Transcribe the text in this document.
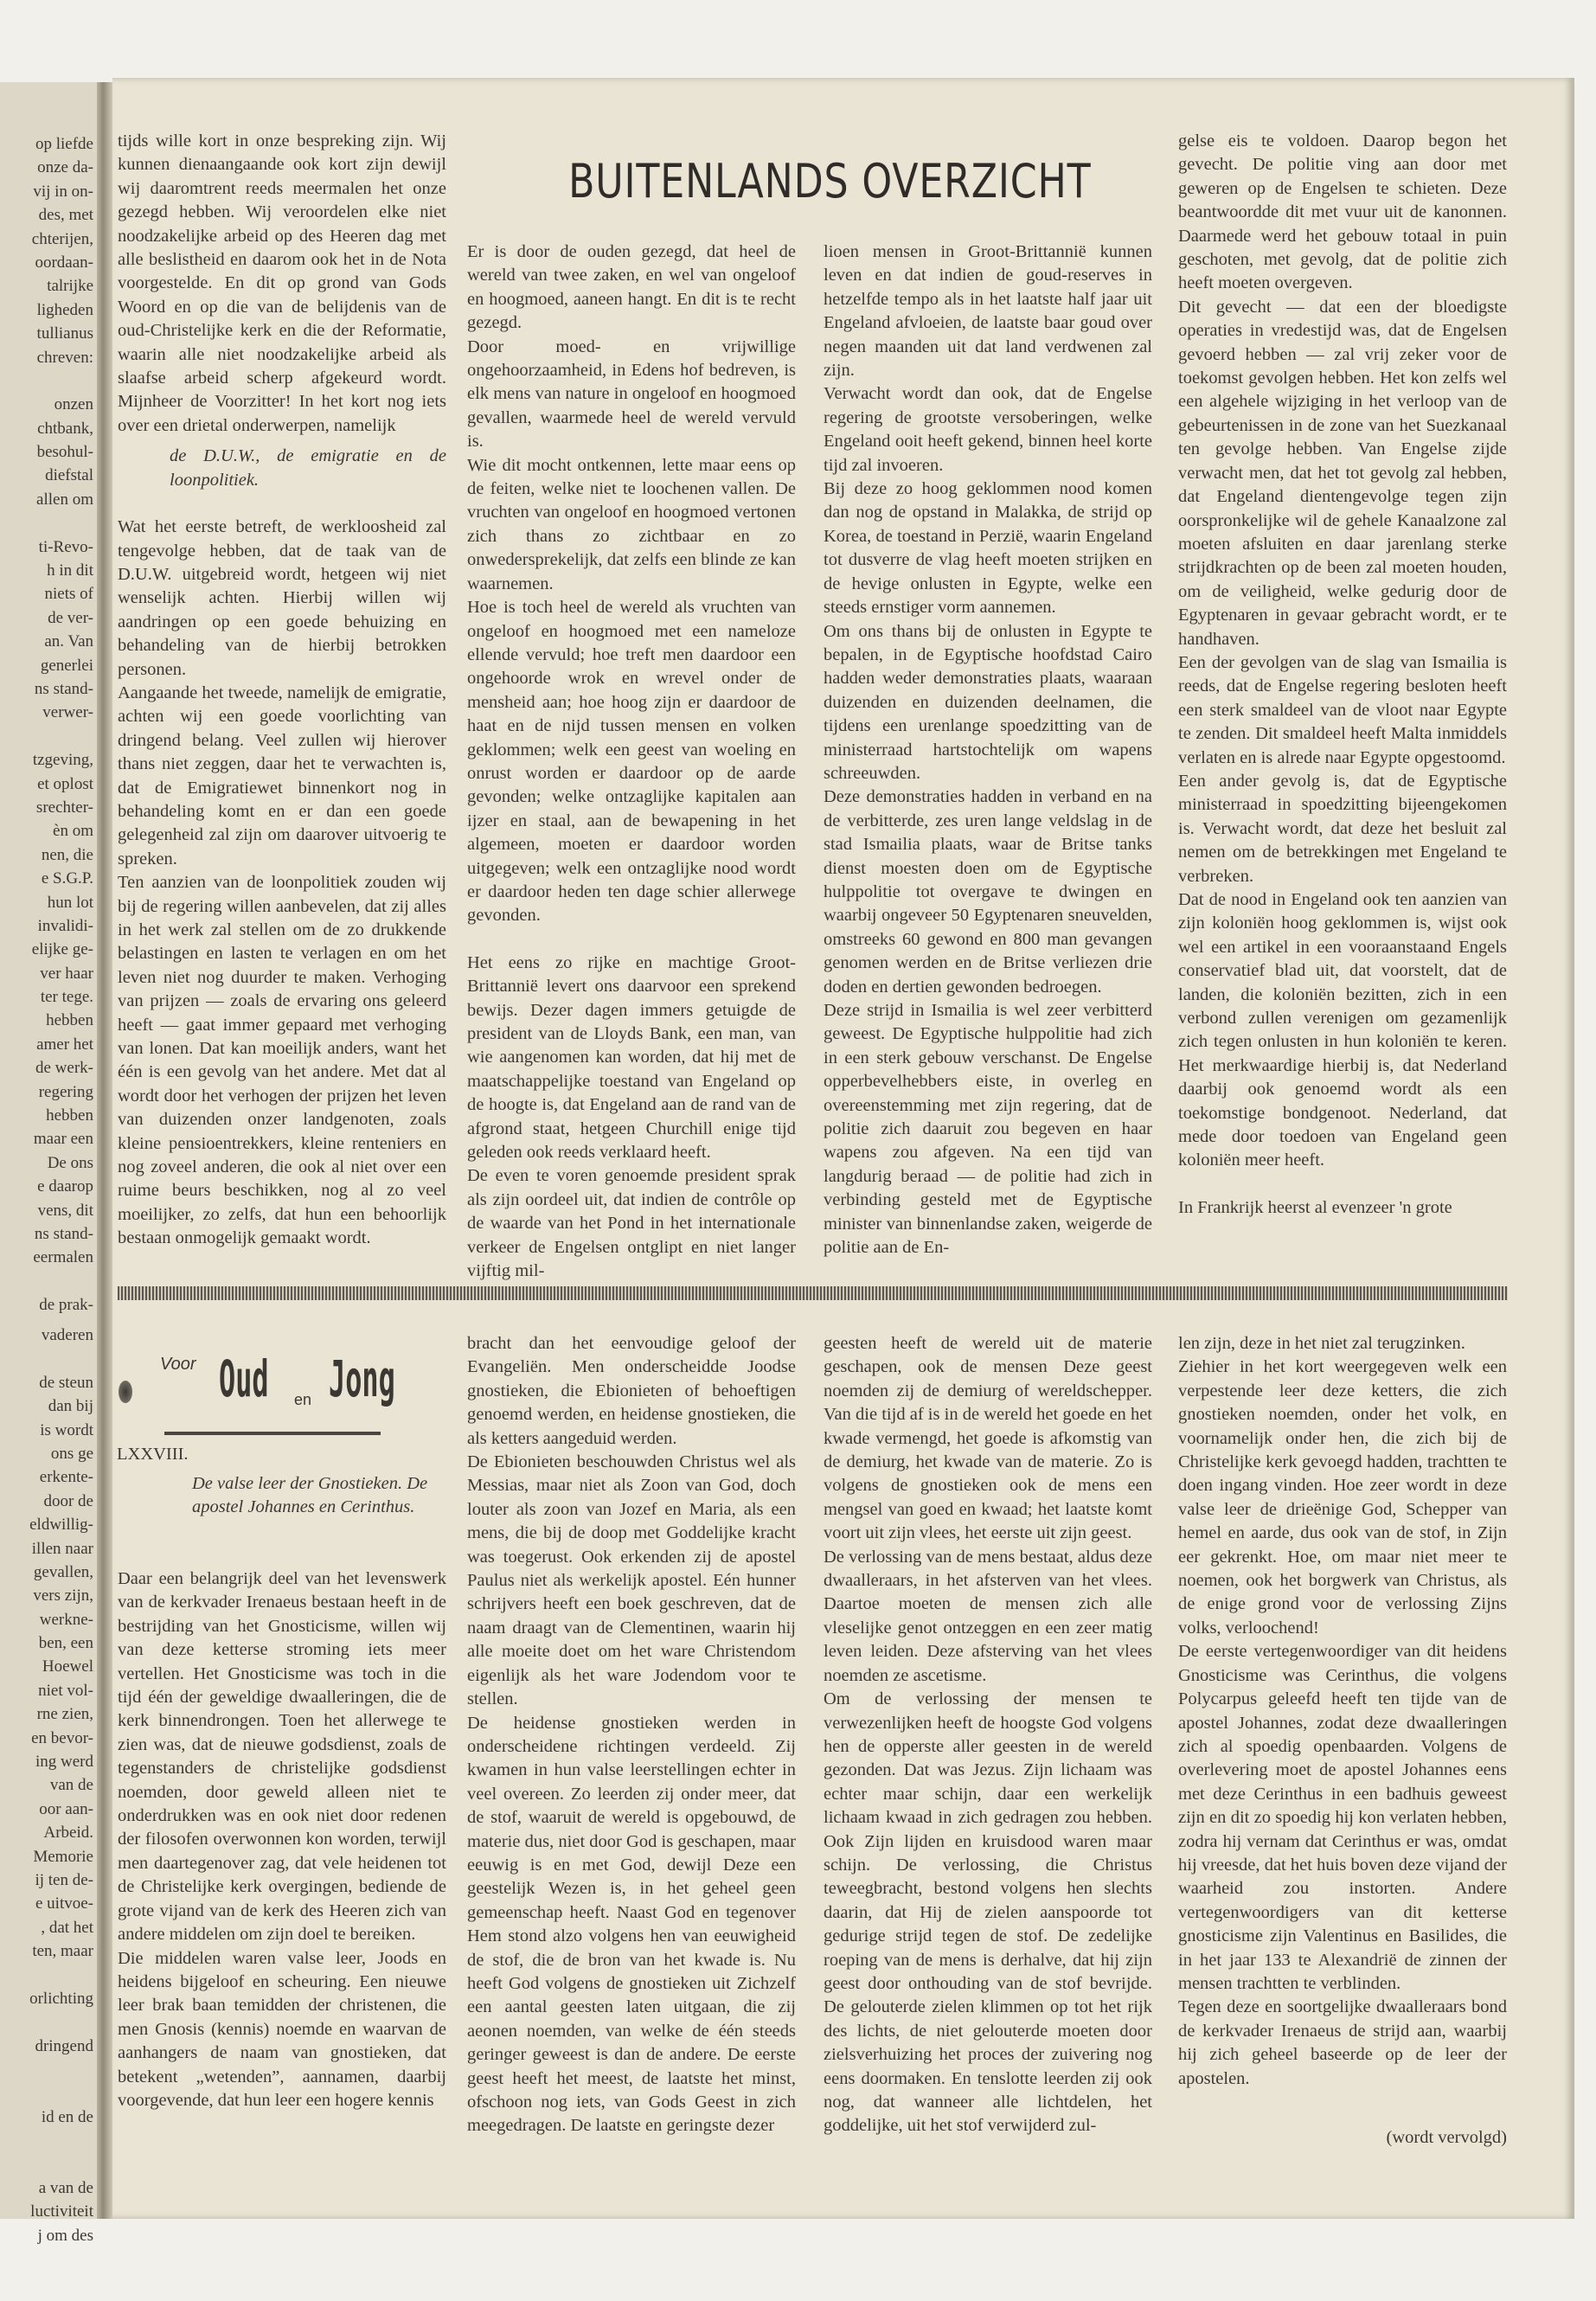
op liefde
onze da-
vij in on-
des, met
chterijen,
oordaan-
talrijke
ligheden
tullianus
chreven:
onzen
chtbank,
besohul-
diefstal
allen om
ti-Revo-
h in dit
niets of
de ver-
an. Van
generlei
ns stand-
verwer-
tzgeving,
et oplost
srechter-
èn om
nen, die
e S.G.P.
hun lot
invalidi-
elijke ge-
ver haar
ter tege.
hebben
amer het
de werk-
regering
hebben
maar een
De ons
e daarop
vens, dit
ns stand-
eermalen
de prak-
vaderen
de steun
dan bij
is wordt
ons ge
erkente-
door de
eldwillig-
illen naar
gevallen,
vers zijn,
werkne-
ben, een
Hoewel
niet vol-
rne zien,
en bevor-
ing werd
van de
oor aan-
Arbeid.
Memorie
ij ten de-
e uitvoe-
, dat het
ten, maar
orlichting
dringend
id en de
a van de
luctiviteit
j om des

tijds wille kort in onze bespreking zijn. Wij kunnen dienaangaande ook kort zijn dewijl wij daaromtrent reeds meermalen het onze gezegd hebben. Wij veroordelen elke niet noodzakelijke arbeid op des Heeren dag met alle beslistheid en daarom ook het in de Nota voorgestelde. En dit op grond van Gods Woord en op die van de belijdenis van de oud-Christelijke kerk en die der Reformatie, waarin alle niet noodzakelijke arbeid als slaafse arbeid scherp afgekeurd wordt. Mijnheer de Voorzitter! In het kort nog iets over een drietal onderwerpen, namelijk

de D.U.W., de emigratie en de loonpolitiek.

Wat het eerste betreft, de werkloosheid zal tengevolge hebben, dat de taak van de D.U.W. uitgebreid wordt, hetgeen wij niet wenselijk achten. Hierbij willen wij aandringen op een goede behuizing en behandeling van de hierbij betrokken personen.

Aangaande het tweede, namelijk de emigratie, achten wij een goede voorlichting van dringend belang. Veel zullen wij hierover thans niet zeggen, daar het te verwachten is, dat de Emigratiewet binnenkort nog in behandeling komt en er dan een goede gelegenheid zal zijn om daarover uitvoerig te spreken.

Ten aanzien van de loonpolitiek zouden wij bij de regering willen aanbevelen, dat zij alles in het werk zal stellen om de zo drukkende belastingen en lasten te verlagen en om het leven niet nog duurder te maken. Verhoging van prijzen — zoals de ervaring ons geleerd heeft — gaat immer gepaard met verhoging van lonen. Dat kan moeilijk anders, want het één is een gevolg van het andere. Met dat al wordt door het verhogen der prijzen het leven van duizenden onzer landgenoten, zoals kleine pensioentrekkers, kleine renteniers en nog zoveel anderen, die ook al niet over een ruime beurs beschikken, nog al zo veel moeilijker, zo zelfs, dat hun een behoorlijk bestaan onmogelijk gemaakt wordt.

BUITENLANDS OVERZICHT

Er is door de ouden gezegd, dat heel de wereld van twee zaken, en wel van ongeloof en hoogmoed, aaneen hangt. En dit is te recht gezegd.

Door moed- en vrijwillige ongehoorzaamheid, in Edens hof bedreven, is elk mens van nature in ongeloof en hoogmoed gevallen, waarmede heel de wereld vervuld is.

Wie dit mocht ontkennen, lette maar eens op de feiten, welke niet te loochenen vallen. De vruchten van ongeloof en hoogmoed vertonen zich thans zo zichtbaar en zo onwedersprekelijk, dat zelfs een blinde ze kan waarnemen.

Hoe is toch heel de wereld als vruchten van ongeloof en hoogmoed met een nameloze ellende vervuld; hoe treft men daardoor een ongehoorde wrok en wrevel onder de mensheid aan; hoe hoog zijn er daardoor de haat en de nijd tussen mensen en volken geklommen; welk een geest van woeling en onrust worden er daardoor op de aarde gevonden; welke ontzaglijke kapitalen aan ijzer en staal, aan de bewapening in het algemeen, moeten er daardoor worden uitgegeven; welk een ontzaglijke nood wordt er daardoor heden ten dage schier allerwege gevonden.

Het eens zo rijke en machtige Groot-Brittannië levert ons daarvoor een sprekend bewijs. Dezer dagen immers getuigde de president van de Lloyds Bank, een man, van wie aangenomen kan worden, dat hij met de maatschappelijke toestand van Engeland op de hoogte is, dat Engeland aan de rand van de afgrond staat, hetgeen Churchill enige tijd geleden ook reeds verklaard heeft.

De even te voren genoemde president sprak als zijn oordeel uit, dat indien de contrôle op de waarde van het Pond in het internationale verkeer de Engelsen ontglipt en niet langer vijftig mil-

lioen mensen in Groot-Brittannië kunnen leven en dat indien de goud-reserves in hetzelfde tempo als in het laatste half jaar uit Engeland afvloeien, de laatste baar goud over negen maanden uit dat land verdwenen zal zijn.

Verwacht wordt dan ook, dat de Engelse regering de grootste versoberingen, welke Engeland ooit heeft gekend, binnen heel korte tijd zal invoeren.

Bij deze zo hoog geklommen nood komen dan nog de opstand in Malakka, de strijd op Korea, de toestand in Perzië, waarin Engeland tot dusverre de vlag heeft moeten strijken en de hevige onlusten in Egypte, welke een steeds ernstiger vorm aannemen.

Om ons thans bij de onlusten in Egypte te bepalen, in de Egyptische hoofdstad Cairo hadden weder demonstraties plaats, waaraan duizenden en duizenden deelnamen, die tijdens een urenlange spoedzitting van de ministerraad hartstochtelijk om wapens schreeuwden.

Deze demonstraties hadden in verband en na de verbitterde, zes uren lange veldslag in de stad Ismailia plaats, waar de Britse tanks dienst moesten doen om de Egyptische hulppolitie tot overgave te dwingen en waarbij ongeveer 50 Egyptenaren sneuvelden, omstreeks 60 gewond en 800 man gevangen genomen werden en de Britse verliezen drie doden en dertien gewonden bedroegen.

Deze strijd in Ismailia is wel zeer verbitterd geweest. De Egyptische hulppolitie had zich in een sterk gebouw verschanst. De Engelse opperbevelhebbers eiste, in overleg en overeenstemming met zijn regering, dat de politie zich daaruit zou begeven en haar wapens zou afgeven. Na een tijd van langdurig beraad — de politie had zich in verbinding gesteld met de Egyptische minister van binnenlandse zaken, weigerde de politie aan de En-

gelse eis te voldoen. Daarop begon het gevecht. De politie ving aan door met geweren op de Engelsen te schieten. Deze beantwoordde dit met vuur uit de kanonnen. Daarmede werd het gebouw totaal in puin geschoten, met gevolg, dat de politie zich heeft moeten overgeven.

Dit gevecht — dat een der bloedigste operaties in vredestijd was, dat de Engelsen gevoerd hebben — zal vrij zeker voor de toekomst gevolgen hebben. Het kon zelfs wel een algehele wijziging in het verloop van de gebeurtenissen in de zone van het Suezkanaal ten gevolge hebben. Van Engelse zijde verwacht men, dat het tot gevolg zal hebben, dat Engeland dientengevolge tegen zijn oorspronkelijke wil de gehele Kanaalzone zal moeten afsluiten en daar jarenlang sterke strijdkrachten op de been zal moeten houden, om de veiligheid, welke gedurig door de Egyptenaren in gevaar gebracht wordt, er te handhaven.

Een der gevolgen van de slag van Ismailia is reeds, dat de Engelse regering besloten heeft een sterk smaldeel van de vloot naar Egypte te zenden. Dit smaldeel heeft Malta inmiddels verlaten en is alrede naar Egypte opgestoomd.

Een ander gevolg is, dat de Egyptische ministerraad in spoedzitting bijeengekomen is. Verwacht wordt, dat deze het besluit zal nemen om de betrekkingen met Engeland te verbreken.

Dat de nood in Engeland ook ten aanzien van zijn koloniën hoog geklommen is, wijst ook wel een artikel in een vooraanstaand Engels conservatief blad uit, dat voorstelt, dat de landen, die koloniën bezitten, zich in een verbond zullen verenigen om gezamenlijk zich tegen onlusten in hun koloniën te keren. Het merkwaardige hierbij is, dat Nederland daarbij ook genoemd wordt als een toekomstige bondgenoot. Nederland, dat mede door toedoen van Engeland geen koloniën meer heeft.

In Frankrijk heerst al evenzeer 'n grote

Voor Oud en Jong
LXXVIII.
De valse leer der Gnostieken. De apostel Johannes en Cerinthus.

Daar een belangrijk deel van het levenswerk van de kerkvader Irenaeus bestaan heeft in de bestrijding van het Gnosticisme, willen wij van deze ketterse stroming iets meer vertellen. Het Gnosticisme was toch in die tijd één der geweldige dwaalleringen, die de kerk binnendrongen. Toen het allerwege te zien was, dat de nieuwe godsdienst, zoals de tegenstanders de christelijke godsdienst noemden, door geweld alleen niet te onderdrukken was en ook niet door redenen der filosofen overwonnen kon worden, terwijl men daartegenover zag, dat vele heidenen tot de Christelijke kerk overgingen, bediende de grote vijand van de kerk des Heeren zich van andere middelen om zijn doel te bereiken.

Die middelen waren valse leer, Joods en heidens bijgeloof en scheuring. Een nieuwe leer brak baan temidden der christenen, die men Gnosis (kennis) noemde en waarvan de aanhangers de naam van gnostieken, dat betekent „wetenden”, aannamen, daarbij voorgevende, dat hun leer een hogere kennis

bracht dan het eenvoudige geloof der Evangeliën. Men onderscheidde Joodse gnostieken, die Ebionieten of behoeftigen genoemd werden, en heidense gnostieken, die als ketters aangeduid werden.

De Ebionieten beschouwden Christus wel als Messias, maar niet als Zoon van God, doch louter als zoon van Jozef en Maria, als een mens, die bij de doop met Goddelijke kracht was toegerust. Ook erkenden zij de apostel Paulus niet als werkelijk apostel. Eén hunner schrijvers heeft een boek geschreven, dat de naam draagt van de Clementinen, waarin hij alle moeite doet om het ware Christendom eigenlijk als het ware Jodendom voor te stellen.

De heidense gnostieken werden in onderscheidene richtingen verdeeld. Zij kwamen in hun valse leerstellingen echter in veel overeen. Zo leerden zij onder meer, dat de stof, waaruit de wereld is opgebouwd, de materie dus, niet door God is geschapen, maar eeuwig is en met God, dewijl Deze een geestelijk Wezen is, in het geheel geen gemeenschap heeft. Naast God en tegenover Hem stond alzo volgens hen van eeuwigheid de stof, die de bron van het kwade is. Nu heeft God volgens de gnostieken uit Zichzelf een aantal geesten laten uitgaan, die zij aeonen noemden, van welke de één steeds geringer geweest is dan de andere. De eerste geest heeft het meest, de laatste het minst, ofschoon nog iets, van Gods Geest in zich meegedragen. De laatste en geringste dezer

geesten heeft de wereld uit de materie geschapen, ook de mensen Deze geest noemden zij de demiurg of wereldschepper. Van die tijd af is in de wereld het goede en het kwade vermengd, het goede is afkomstig van de demiurg, het kwade van de materie. Zo is volgens de gnostieken ook de mens een mengsel van goed en kwaad; het laatste komt voort uit zijn vlees, het eerste uit zijn geest.

De verlossing van de mens bestaat, aldus deze dwaalleraars, in het afsterven van het vlees. Daartoe moeten de mensen zich alle vleselijke genot ontzeggen en een zeer matig leven leiden. Deze afsterving van het vlees noemden ze ascetisme.

Om de verlossing der mensen te verwezenlijken heeft de hoogste God volgens hen de opperste aller geesten in de wereld gezonden. Dat was Jezus. Zijn lichaam was echter maar schijn, daar een werkelijk lichaam kwaad in zich gedragen zou hebben. Ook Zijn lijden en kruisdood waren maar schijn. De verlossing, die Christus teweegbracht, bestond volgens hen slechts daarin, dat Hij de zielen aanspoorde tot gedurige strijd tegen de stof. De zedelijke roeping van de mens is derhalve, dat hij zijn geest door onthouding van de stof bevrijde. De gelouterde zielen klimmen op tot het rijk des lichts, de niet gelouterde moeten door zielsverhuizing het proces der zuivering nog eens doormaken. En tenslotte leerden zij ook nog, dat wanneer alle lichtdelen, het goddelijke, uit het stof verwijderd zul-

len zijn, deze in het niet zal terugzinken.

Ziehier in het kort weergegeven welk een verpestende leer deze ketters, die zich gnostieken noemden, onder het volk, en voornamelijk onder hen, die zich bij de Christelijke kerk gevoegd hadden, trachtten te doen ingang vinden. Hoe zeer wordt in deze valse leer de drieënige God, Schepper van hemel en aarde, dus ook van de stof, in Zijn eer gekrenkt. Hoe, om maar niet meer te noemen, ook het borgwerk van Christus, als de enige grond voor de verlossing Zijns volks, verloochend!

De eerste vertegenwoordiger van dit heidens Gnosticisme was Cerinthus, die volgens Polycarpus geleefd heeft ten tijde van de apostel Johannes, zodat deze dwaalleringen zich al spoedig openbaarden. Volgens de overlevering moet de apostel Johannes eens met deze Cerinthus in een badhuis geweest zijn en dit zo spoedig hij kon verlaten hebben, zodra hij vernam dat Cerinthus er was, omdat hij vreesde, dat het huis boven deze vijand der waarheid zou instorten. Andere vertegenwoordigers van dit ketterse gnosticisme zijn Valentinus en Basilides, die in het jaar 133 te Alexandrië de zinnen der mensen trachtten te verblinden.

Tegen deze en soortgelijke dwaalleraars bond de kerkvader Irenaeus de strijd aan, waarbij hij zich geheel baseerde op de leer der apostelen.

(wordt vervolgd)
